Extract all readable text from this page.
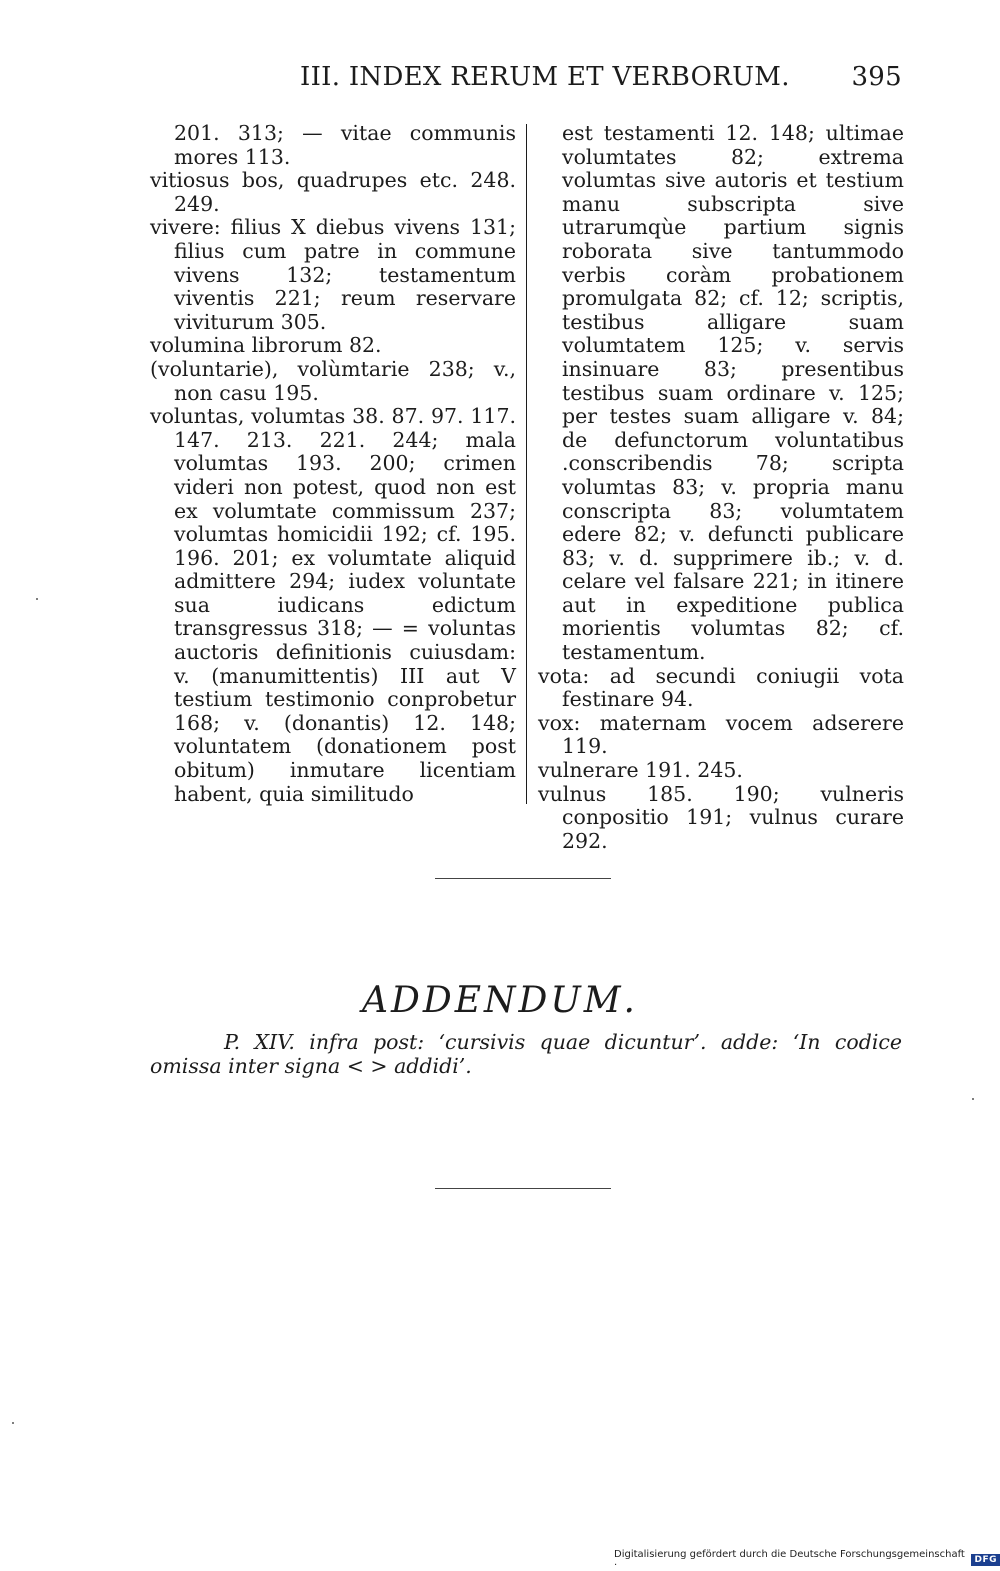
III. INDEX RERUM ET VERBORUM. 395

201. 313; — vitae communis mores 113.

vitiosus bos, quadrupes etc. 248. 249.

vivere: filius X diebus vivens 131; filius cum patre in commune vivens 132; testamentum viventis 221; reum reservare viviturum 305.

volumina librorum 82.

(voluntarie), volùmtarie 238; v., non casu 195.

voluntas, volumtas 38. 87. 97. 117. 147. 213. 221. 244; mala volumtas 193. 200; crimen videri non potest, quod non est ex volumtate commissum 237; volumtas homicidii 192; cf. 195. 196. 201; ex volumtate aliquid admittere 294; iudex voluntate sua iudicans edictum transgressus 318; — = voluntas auctoris definitionis cuiusdam: v. (manumittentis) III aut V testium testimonio conprobetur 168; v. (donantis) 12. 148; voluntatem (donationem post obitum) inmutare licentiam habent, quia similitudo

est testamenti 12. 148; ultimae volumtates 82; extrema volumtas sive autoris et testium manu subscripta sive utrarumqùe partium signis roborata sive tantummodo verbis coràm probationem promulgata 82; cf. 12; scriptis, testibus alligare suam volumtatem 125; v. servis insinuare 83; presentibus testibus suam ordinare v. 125; per testes suam alligare v. 84; de defunctorum voluntatibus .conscribendis 78; scripta volumtas 83; v. propria manu conscripta 83; volumtatem edere 82; v. defuncti publicare 83; v. d. supprimere ib.; v. d. celare vel falsare 221; in itinere aut in expeditione publica morientis volumtas 82; cf. testamentum.

vota: ad secundi coniugii vota festinare 94.

vox: maternam vocem adserere 119.

vulnerare 191. 245.

vulnus 185. 190; vulneris conpositio 191; vulnus curare 292.

ADDENDUM.
P. XIV. infra post: ‘cursivis quae dicuntur’. adde: ‘In codice omissa inter signa < > addidi’.
Digitalisierung gefördert durch die Deutsche Forschungsgemeinschaft ·	DFG
